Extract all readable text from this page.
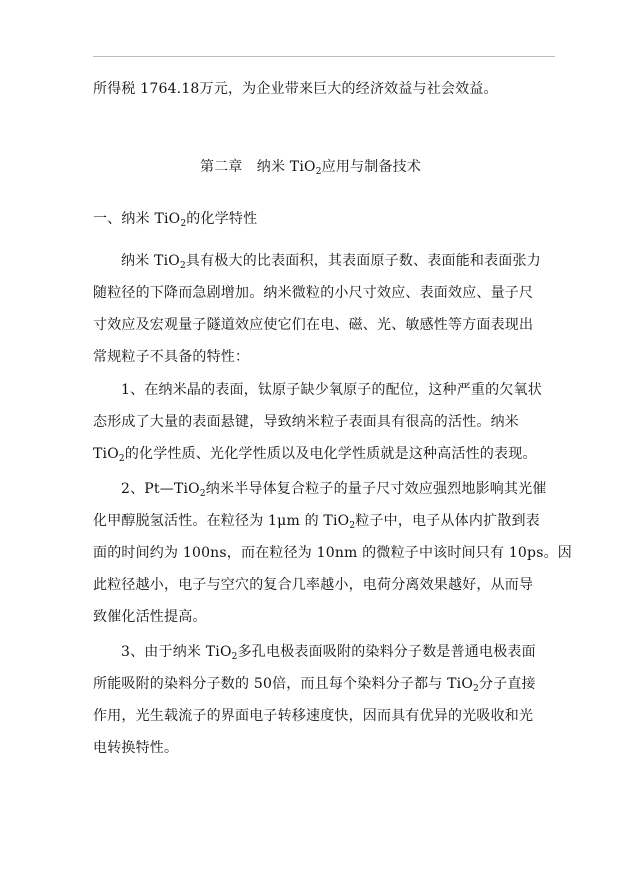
所得税 1764.18万元，为企业带来巨大的经济效益与社会效益。
第二章　纳米 TiO$_2$应用与制备技术
一、纳米 TiO$_2$的化学特性
纳米 TiO$_2$具有极大的比表面积，其表面原子数、表面能和表面张力
随粒径的下降而急剧增加。纳米微粒的小尺寸效应、表面效应、量子尺
寸效应及宏观量子隧道效应使它们在电、磁、光、敏感性等方面表现出
常规粒子不具备的特性：
1、在纳米晶的表面，钛原子缺少氧原子的配位，这种严重的欠氧状
态形成了大量的表面悬键，导致纳米粒子表面具有很高的活性。纳米
TiO$_2$的化学性质、光化学性质以及电化学性质就是这种高活性的表现。
2、Pt—TiO$_2$纳米半导体复合粒子的量子尺寸效应强烈地影响其光催
化甲醇脱氢活性。在粒径为 1μm 的 TiO$_2$粒子中，电子从体内扩散到表
面的时间约为 100ns，而在粒径为 10nm 的微粒子中该时间只有 10ps。因
此粒径越小，电子与空穴的复合几率越小，电荷分离效果越好，从而导
致催化活性提高。
3、由于纳米 TiO$_2$多孔电极表面吸附的染料分子数是普通电极表面
所能吸附的染料分子数的 50倍，而且每个染料分子都与 TiO$_2$分子直接
作用，光生载流子的界面电子转移速度快，因而具有优异的光吸收和光
电转换特性。
